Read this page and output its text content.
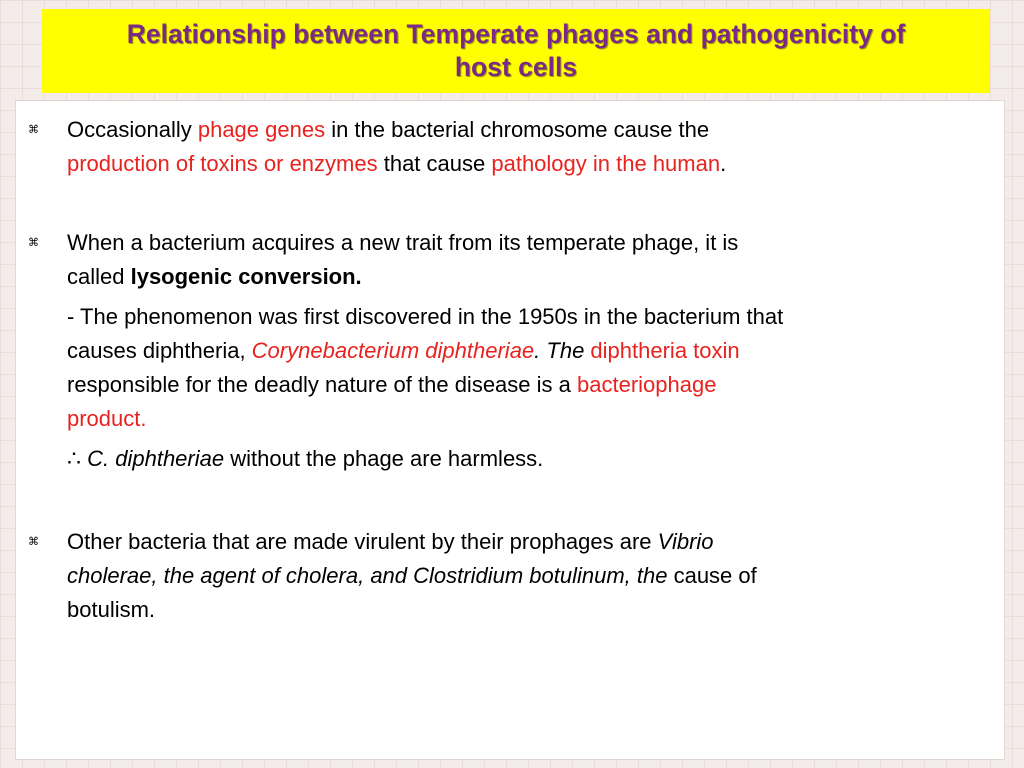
Relationship between Temperate phages and pathogenicity of
host cells
⌘ Occasionally phage genes in the bacterial chromosome cause the
production of toxins or enzymes that cause pathology in the human.
⌘ When a bacterium acquires a new trait from its temperate phage, it is
called lysogenic conversion.
- The phenomenon was first discovered in the 1950s in the bacterium that
causes diphtheria, Corynebacterium diphtheriae. The diphtheria toxin
responsible for the deadly nature of the disease is a bacteriophage
product.
∴ C. diphtheriae without the phage are harmless.
⌘ Other bacteria that are made virulent by their prophages are Vibrio
cholerae, the agent of cholera, and Clostridium botulinum, the cause of
botulism.
